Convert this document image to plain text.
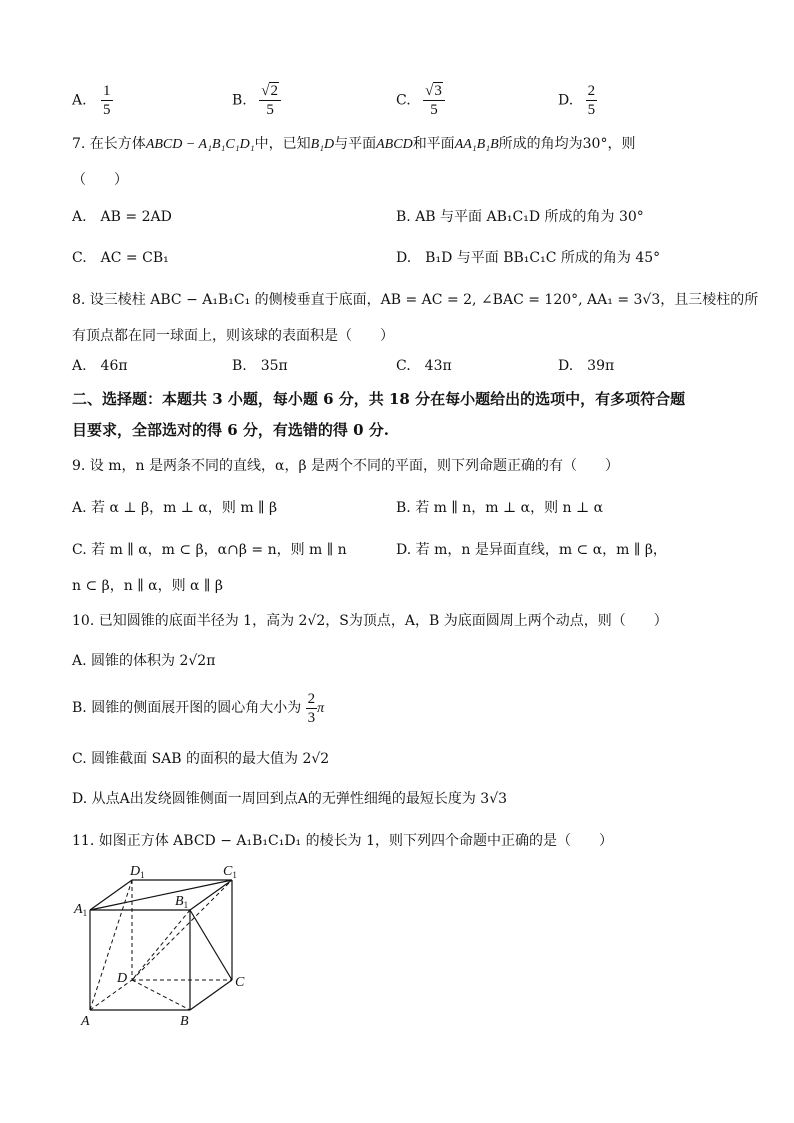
A. $\frac{1}{5}$	B. $\frac{√2}{5}$	C. $\frac{√3}{5}$	D. $\frac{2}{5}$
7. 在长方体ABCD − A₁B₁C₁D₁中，已知B₁D与平面ABCD和平面AA₁B₁B所成的角均为30°，则
（　　）
A.　AB = 2AD	B. AB 与平面 AB₁C₁D 所成的角为 30°
C.　AC = CB₁	D.　B₁D 与平面 BB₁C₁C 所成的角为 45°
8. 设三棱柱 ABC − A₁B₁C₁ 的侧棱垂直于底面，AB = AC = 2, ∠BAC = 120°, AA₁ = 3√3，且三棱柱的所
有顶点都在同一球面上，则该球的表面积是（　　）
A.　46π	B.　35π	C.　43π	D.　39π
二、选择题：本题共 3 小题，每小题 6 分，共 18 分在每小题给出的选项中，有多项符合题
目要求，全部选对的得 6 分，有选错的得 0 分.
9. 设 m，n 是两条不同的直线，α，β 是两个不同的平面，则下列命题正确的有（　　）
A. 若 α ⊥ β，m ⊥ α，则 m ∥ β	B. 若 m ∥ n，m ⊥ α，则 n ⊥ α
C. 若 m ∥ α，m ⊂ β，α∩β = n，则 m ∥ n	D. 若 m，n 是异面直线，m ⊂ α，m ∥ β，
n ⊂ β，n ∥ α，则 α ∥ β
10. 已知圆锥的底面半径为 1，高为 2√2，S为顶点，A，B 为底面圆周上两个动点，则（　　）
A. 圆锥的体积为 2√2π
B. 圆锥的侧面展开图的圆心角大小为 $\frac{2}{3}$ π
C. 圆锥截面 SAB 的面积的最大值为 2√2
D. 从点A出发绕圆锥侧面一周回到点A的无弹性细绳的最短长度为 3√3
11. 如图正方体 ABCD − A₁B₁C₁D₁ 的棱长为 1，则下列四个命题中正确的是（　　）
$D_1$	$C_1$
$A_1$
$B_1$
D	C
A	B
